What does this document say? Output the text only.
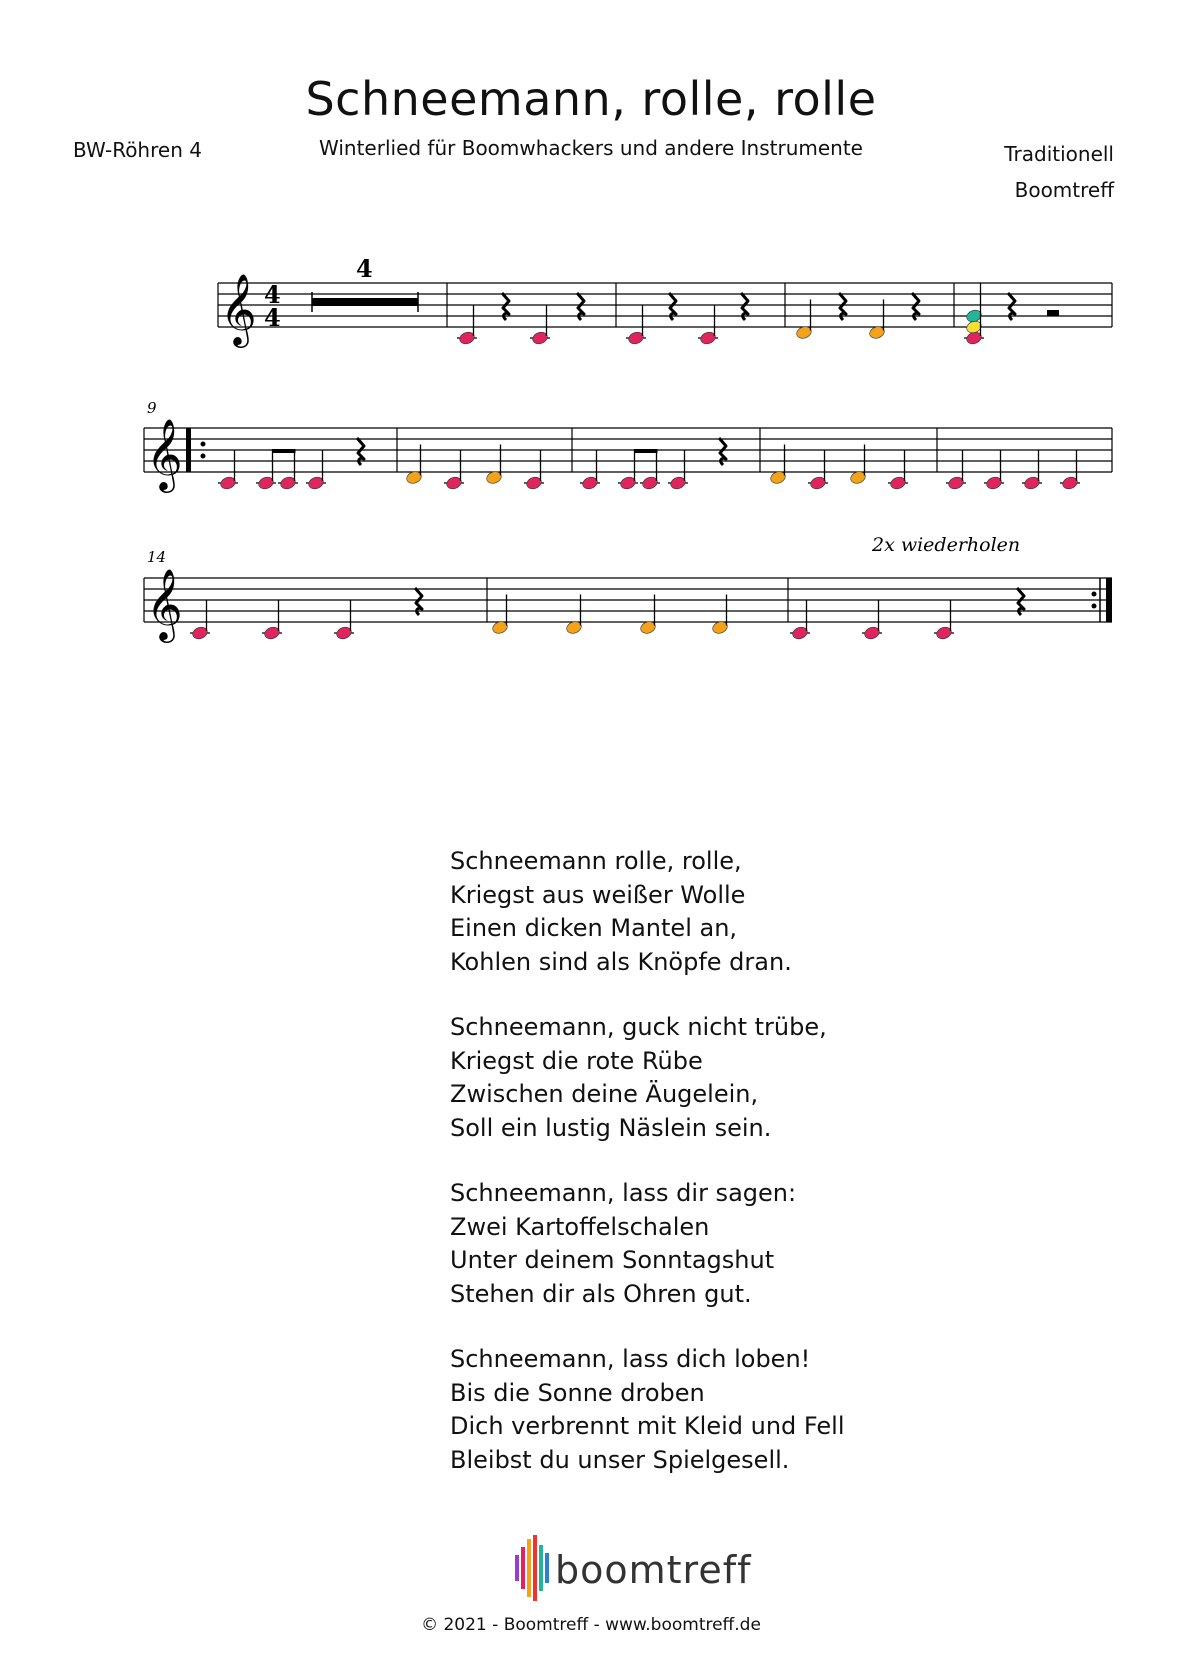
Schneemann, rolle, rolle
Winterlied für Boomwhackers und andere Instrumente
BW-Röhren 4	Traditionell
Boomtreff
𝄞 4
4
4
𝄞
9
𝄞
14
2x wiederholen
Schneemann rolle, rolle,
Kriegst aus weißer Wolle
Einen dicken Mantel an,
Kohlen sind als Knöpfe dran.
Schneemann, guck nicht trübe,
Kriegst die rote Rübe
Zwischen deine Äugelein,
Soll ein lustig Näslein sein.
Schneemann, lass dir sagen:
Zwei Kartoffelschalen
Unter deinem Sonntagshut
Stehen dir als Ohren gut.
Schneemann, lass dich loben!
Bis die Sonne droben
Dich verbrennt mit Kleid und Fell
Bleibst du unser Spielgesell.
boomtreff
© 2021 - Boomtreff - www.boomtreff.de
